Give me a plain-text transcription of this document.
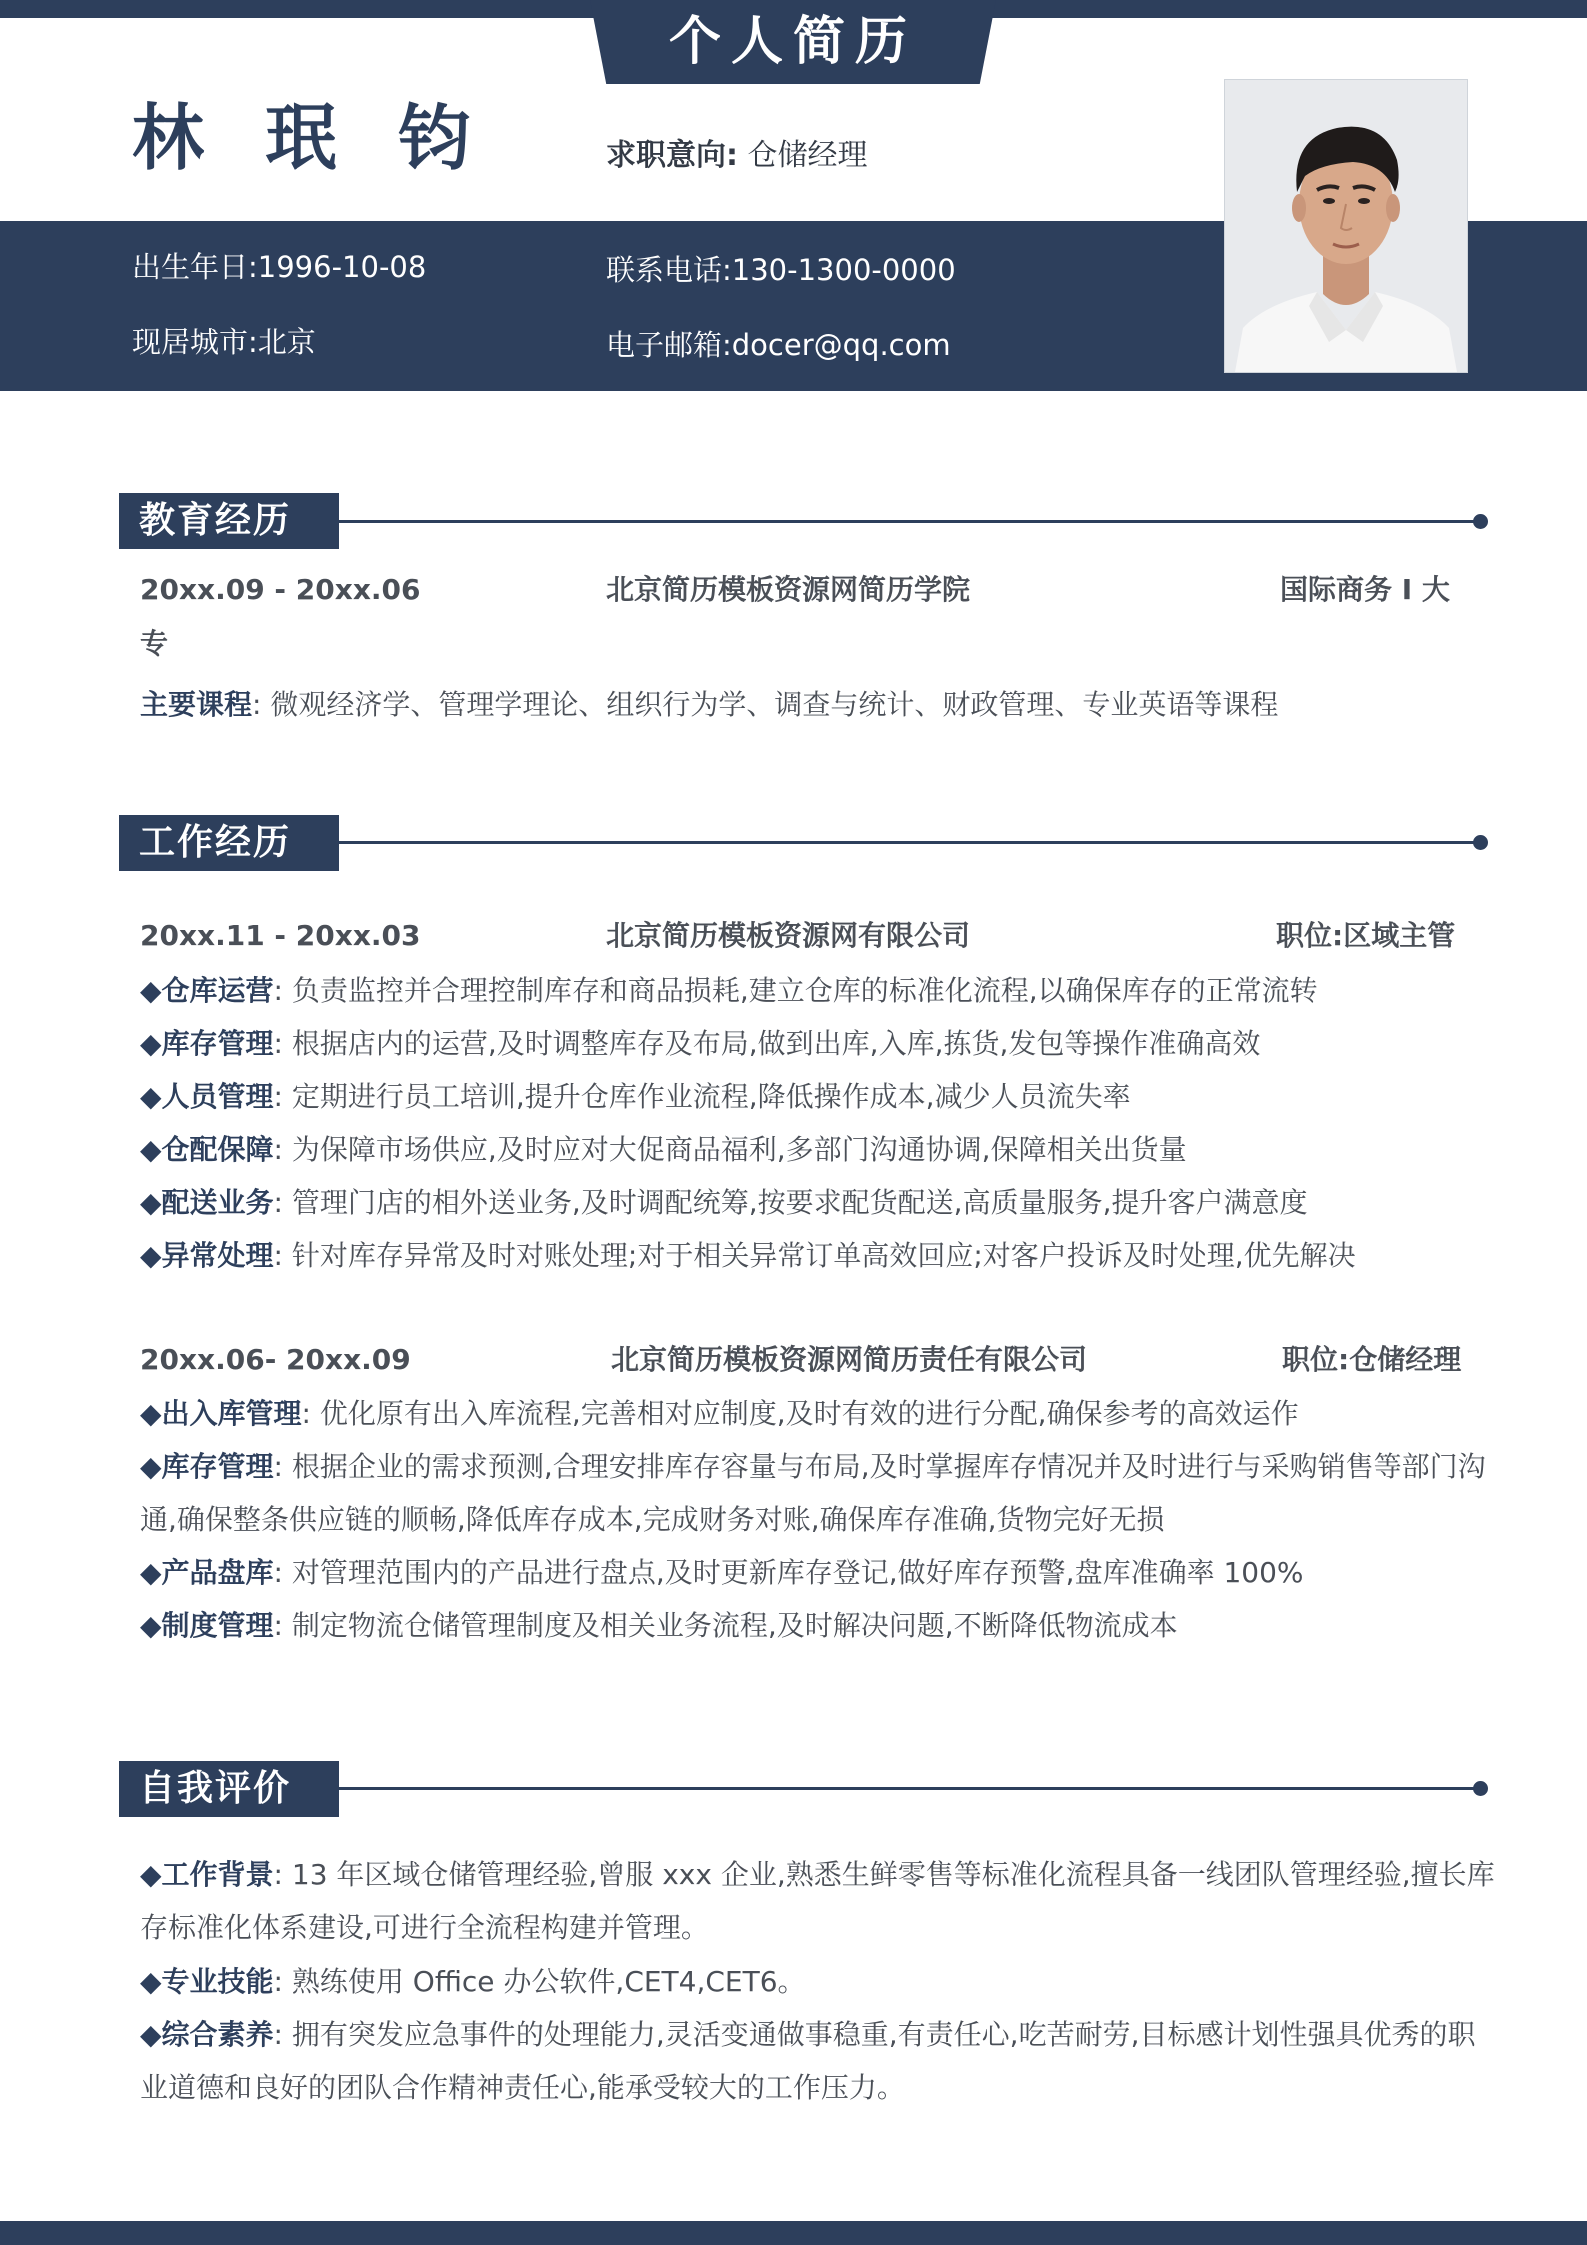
个人简历
林 珉 钧	求职意向: 仓储经理
出生年日:1996-10-08
现居城市:北京
联系电话:130-1300-0000
电子邮箱:docer@qq.com
教育经历
20xx.09 - 20xx.06	北京简历模板资源网简历学院	国际商务 I 大
专
主要课程: 微观经济学、管理学理论、组织行为学、调查与统计、财政管理、专业英语等课程
工作经历
20xx.11 - 20xx.03	北京简历模板资源网有限公司	职位:区域主管
◆仓库运营: 负责监控并合理控制库存和商品损耗,建立仓库的标准化流程,以确保库存的正常流转
◆库存管理: 根据店内的运营,及时调整库存及布局,做到出库,入库,拣货,发包等操作准确高效
◆人员管理: 定期进行员工培训,提升仓库作业流程,降低操作成本,减少人员流失率
◆仓配保障: 为保障市场供应,及时应对大促商品福利,多部门沟通协调,保障相关出货量
◆配送业务: 管理门店的相外送业务,及时调配统筹,按要求配货配送,高质量服务,提升客户满意度
◆异常处理: 针对库存异常及时对账处理;对于相关异常订单高效回应;对客户投诉及时处理,优先解决
20xx.06- 20xx.09	北京简历模板资源网简历责任有限公司	职位:仓储经理
◆出入库管理: 优化原有出入库流程,完善相对应制度,及时有效的进行分配,确保参考的高效运作
◆库存管理: 根据企业的需求预测,合理安排库存容量与布局,及时掌握库存情况并及时进行与采购销售等部门沟通,确保整条供应链的顺畅,降低库存成本,完成财务对账,确保库存准确,货物完好无损
◆产品盘库: 对管理范围内的产品进行盘点,及时更新库存登记,做好库存预警,盘库准确率 100%
◆制度管理: 制定物流仓储管理制度及相关业务流程,及时解决问题,不断降低物流成本
自我评价
◆工作背景: 13 年区域仓储管理经验,曾服 xxx 企业,熟悉生鲜零售等标准化流程具备一线团队管理经验,擅长库存标准化体系建设,可进行全流程构建并管理。
◆专业技能: 熟练使用 Office 办公软件,CET4,CET6。
◆综合素养: 拥有突发应急事件的处理能力,灵活变通做事稳重,有责任心,吃苦耐劳,目标感计划性强具优秀的职业道德和良好的团队合作精神责任心,能承受较大的工作压力。
